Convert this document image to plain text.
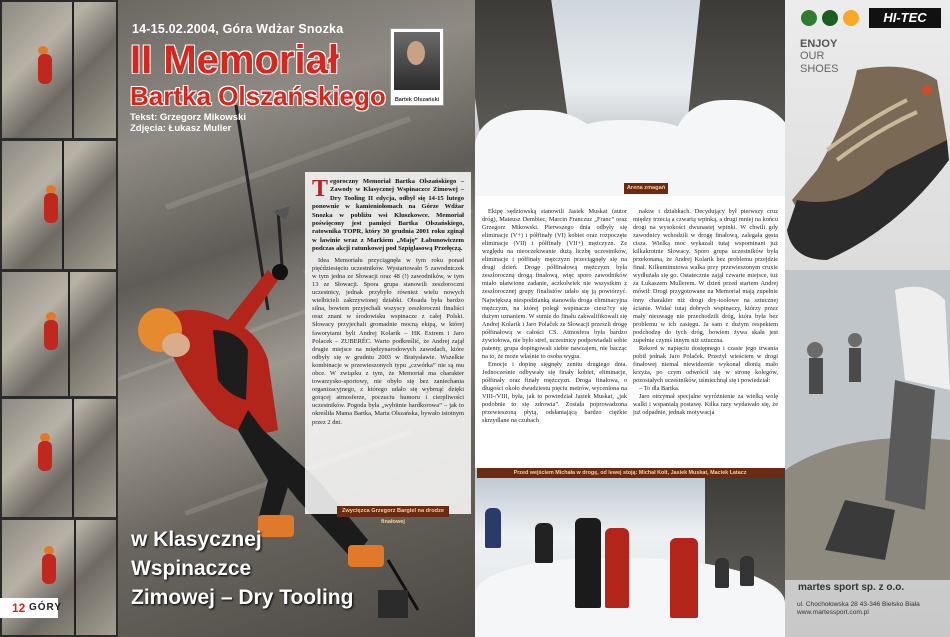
14-15.02.2004, Góra Wdżar Snozka
II Memoriał
Bartka Olszańskiego
Tekst: Grzegorz Mikowski
Zdjęcia: Łukasz Muller
Bartek Olszański

Tegoroczny Memoriał Bartka Olszańskiego – Zawody w Klasycznej Wspinaczce Zimowej – Dry Tooling II edycja, odbył się 14-15 lutego ponownie w kamieniołomach na Górze Wdżar Snozka w pobliżu wsi Kluszkowce. Memoriał poświęcony jest pamięci Bartka Olszańskiego, ratownika TOPR, który 30 grudnia 2001 roku zginął w lawinie wraz z Markiem „Maję” Łabunowiczem podczas akcji ratunkowej pod Szpiglasową Przełęczą.

Idea Memoriału przyciągnęła w tym roku ponad pięćdziesięciu uczestników. Wystartowało 5 zawodniczek w tym jedna ze Słowacji oraz 48 (!) zawodników, w tym 13 ze Słowacji. Spora grupa stanowili zeszłoroczni uczestnicy, jednak przybyło również wielu nowych wielbicieli zakrzywionej dziabki. Obsada była bardzo silna, bowiem przyjechali wszyscy zeszłoroczni finaliści oraz znani w środowisku wspinacze z całej Polski. Słowacy przyjechali gromadnie mocną ekipą, w której faworytami byli Andrej Kolarik – HK Extrem i Jaro Polacek – ZUBERÉC. Warto podkreślić, że Andrej zajął drugie miejsce na międzynarodowych zawodach, które odbyły się w grudniu 2003 w Bratysławie. Wszelkie kombinacje w przewieszonych typu „czwórka” nie są mu obce. W związku z tym, że Memoriał ma charakter towarzysko-sportowy, nie obyło się bez zaniechania organizacyjnego, z którego udało się wybrnąć dzięki gorącej atmosferze, poczuciu humoru i cierpliwości uczestników. Pogoda była „wybitnie hardkorowa” – jak to określiła Mama Bartka, Marta Olszańska, bywało istotnym przez 2 dni.

Zwycięzca Grzegorz Bargiel na drodze finałowej
w Klasycznej
Wspinaczce
Zimowej – Dry Tooling
12 GÓRY
Arena zmagań

Ekipę sędziowską stanowili Jasiek Muskat (autor dróg), Mateusz Dembiec, Marcin Franczuz „Franc” oraz Grzegorz Mikowski. Pierwszego dnia odbyły się eliminacje (V+) i półfinały (VI) kobiet oraz rozpoczęte eliminacje (VII) i półfinały (VII+) mężczyzn. Ze względu na nieoczekiwanie dużą liczbę uczestników, eliminacje i półfinały mężczyzn przeciągnęły się na drugi dzień. Drogę półfinałową mężczyzn była zeszłoroczną drogą finałową, więc sporo zawodników miało ułatwione zadanie, aczkolwiek nie wszystkim z zeszłorocznej grupy finalistów udało się ją powtórzyć. Największą niespodzianką stanowiła droga eliminacyjna mężczyzn, na której poległ wspinacze ciesz?cy się dużym uznaniem. W sumie do finału zakwalifikowali się Andrej Kolarik i Jaro Polaček ze Słowacji przeszli drogę półfinałową w całości CS. Atmosfera była bardzo żywiołowa, nie było stref, uczestnicy podpowiadali sobie patenty, grupa dopingowali siebie nawzajem, nie bacząc na to, że może właśnie to osoba wygra.

Emocje i dopinę sięgnęły zenitu drugiego dnia. Jednocześnie odbywały się finały kobiet, eliminacje, półfinały oraz finały mężczyzn. Droga finałowa, o długości około dwudziestu pięciu metrów, wyceniona na VIII-/VIII, była, jak to powiedział Jasiek Muskat, „jak podobnie to się zdrowia”. Została poprowadzona przewieszoną płytą, odsłaniającą bardzo ciężkie skrzydlane na czubach

nakiw i dziabkach. Decydujący był pierwszy cruz między trzecią a czwartą wpinką, a drugi mniej na końcu drogi na wysokości dwunastej wpinki. W chwili gdy zawodnicy wchodzili w drogę finałową, zalegała gęsta cisza. Wielką moc wykazali tutaj wspominani już kilkakrotnie Słowacy. Sporo grupa uczestników była przekonana, że Andrej Kolarik bez problemu przejdzie finał. Kilkuminutowa walka przy przewieszonym cruxie wydłużała się go. Ostatecznie zajął czwarte miejsce, tuż za Łukaszem Mullerem. W dzień przed startem Andrej mówił: Drogi przygotowane na Memoriał mają zupełnie inny charakter niż drogi dry-toolowe na sztucznej ścianie. Widać tutaj dobrych wspinaczy, którzy przez mały nieuwagę nie przechodzili dróg, która była bez problemu w ich zasięgu. Ja sam z dużym respektem podchodzę do tych dróg, bowiem żywa skała jest zupełnie czymś innym niż sztuczna.

Rekord w napięciu dostępnego i czasie jego trwania pobił jednak Jaro Polaček. Przeżył wieściem w drogi finałowej niemal niewidzenie wykonał dłonią mało krzyża, po czym odwrócił się w stronę kolegów, pozostałych uczestników, uśmiechnął się i powiedział:

– To dla Bartka.

Jaro otrzymał specjalne wyróżnienie za wielką wolę walki i wspaniałą postawę. Kilka razy wydawało się, że już odpadnie, jednak motywacja

Przed wejściem Michała w drogę, od lewej stoją: Michał Kolt, Jasiek Muskat, Maciek Latacz
HI-TEC
ENJOY
OUR
SHOES
martes sport sp. z o.o.
ul. Chochołowska 28 43-346 Bielsko Biała
www.martessport.com.pl
